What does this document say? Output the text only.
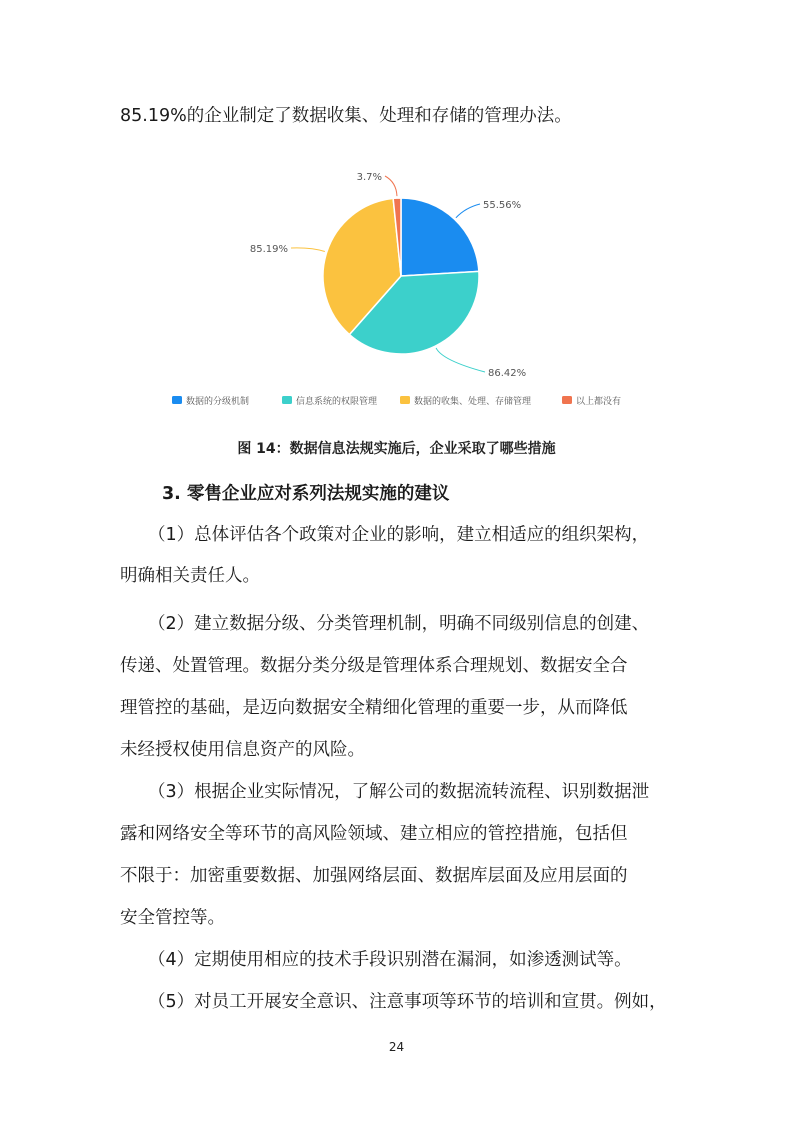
85.19%的企业制定了数据收集、处理和存储的管理办法。
55.56%
86.42%
85.19%
3.7%
数据的分级机制	信息系统的权限管理	数据的收集、处理、存储管理	以上都没有
图 14：数据信息法规实施后，企业采取了哪些措施
3. 零售企业应对系列法规实施的建议
（1）总体评估各个政策对企业的影响，建立相适应的组织架构，
明确相关责任人。
（2）建立数据分级、分类管理机制，明确不同级别信息的创建、
传递、处置管理。数据分类分级是管理体系合理规划、数据安全合
理管控的基础，是迈向数据安全精细化管理的重要一步，从而降低
未经授权使用信息资产的风险。
（3）根据企业实际情况，了解公司的数据流转流程、识别数据泄
露和网络安全等环节的高风险领域、建立相应的管控措施，包括但
不限于：加密重要数据、加强网络层面、数据库层面及应用层面的
安全管控等。
（4）定期使用相应的技术手段识别潜在漏洞，如渗透测试等。
（5）对员工开展安全意识、注意事项等环节的培训和宣贯。例如，
24
